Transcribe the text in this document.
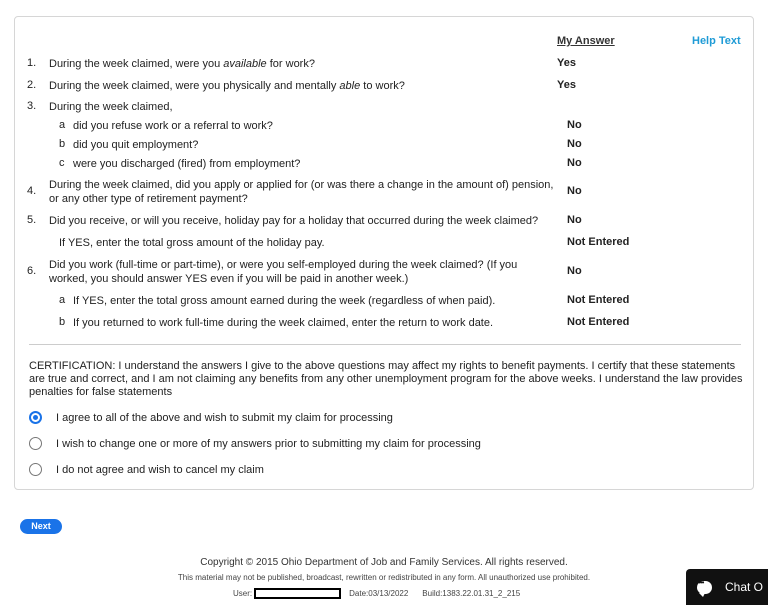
My Answer	Help Text
1. During the week claimed, were you available for work?	Yes
2. During the week claimed, were you physically and mentally able to work?	Yes
3. During the week claimed,
a did you refuse work or a referral to work?	No
b did you quit employment?	No
c were you discharged (fired) from employment?	No
4. During the week claimed, did you apply or applied for (or was there a change in the amount of) pension,
or any other type of retirement payment?
No
5. Did you receive, or will you receive, holiday pay for a holiday that occurred during the week claimed?	No
If YES, enter the total gross amount of the holiday pay.	Not Entered
6. Did you work (full-time or part-time), or were you self-employed during the week claimed? (If you
worked, you should answer YES even if you will be paid in another week.)
No
a If YES, enter the total gross amount earned during the week (regardless of when paid).	Not Entered
b If you returned to work full-time during the week claimed, enter the return to work date.	Not Entered
CERTIFICATION: I understand the answers I give to the above questions may affect my rights to benefit payments. I certify that these statements are true and correct, and I am not claiming any benefits from any other unemployment program for the above weeks. I understand the law provides penalties for false statements
I agree to all of the above and wish to submit my claim for processing
I wish to change one or more of my answers prior to submitting my claim for processing
I do not agree and wish to cancel my claim
Next
Copyright © 2015 Ohio Department of Job and Family Services. All rights reserved.
This material may not be published, broadcast, rewritten or redistributed in any form. All unauthorized use prohibited.
User:	Date:03/13/2022 Build:1383.22.01.31_2_215
•••	Chat O
